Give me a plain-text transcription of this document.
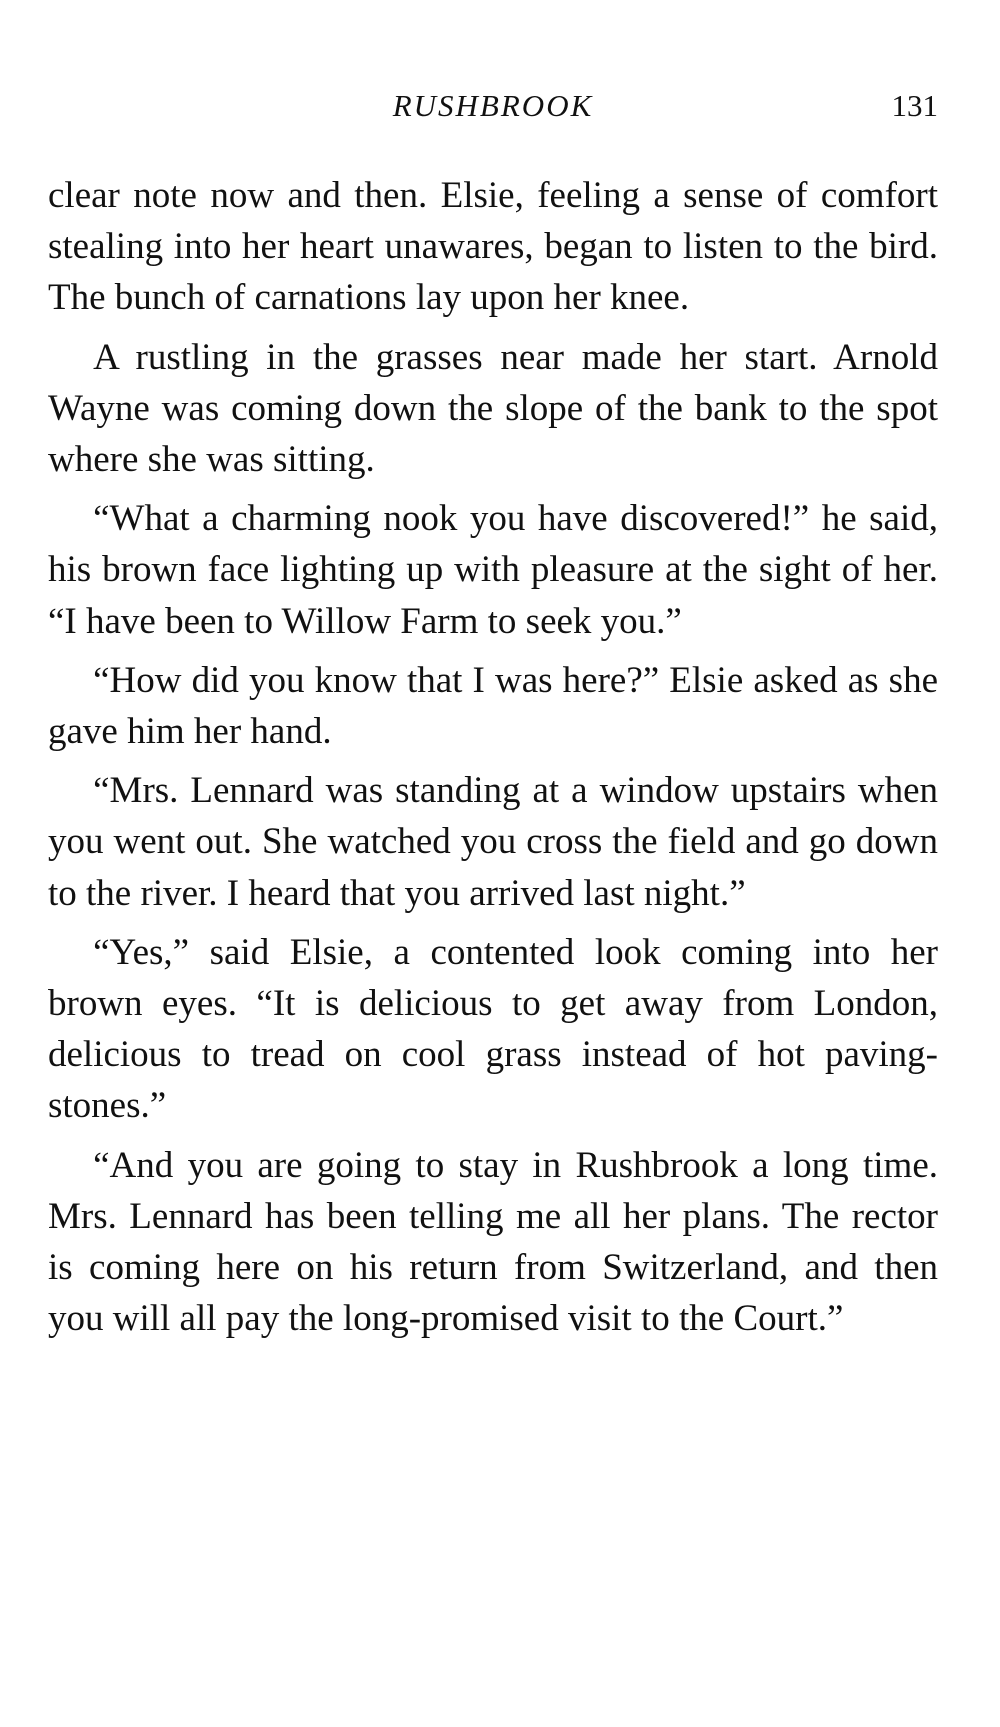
RUSHBROOK	131

clear note now and then. Elsie, feeling a sense of comfort stealing into her heart unawares, began to listen to the bird. The bunch of carnations lay upon her knee.

A rustling in the grasses near made her start. Arnold Wayne was coming down the slope of the bank to the spot where she was sitting.

“What a charming nook you have discovered!” he said, his brown face lighting up with pleasure at the sight of her. “I have been to Willow Farm to seek you.”

“How did you know that I was here?” Elsie asked as she gave him her hand.

“Mrs. Lennard was standing at a window upstairs when you went out. She watched you cross the field and go down to the river. I heard that you arrived last night.”

“Yes,” said Elsie, a contented look coming into her brown eyes. “It is delicious to get away from London, delicious to tread on cool grass instead of hot paving-stones.”

“And you are going to stay in Rushbrook a long time. Mrs. Lennard has been telling me all her plans. The rector is coming here on his return from Switzerland, and then you will all pay the long-promised visit to the Court.”
